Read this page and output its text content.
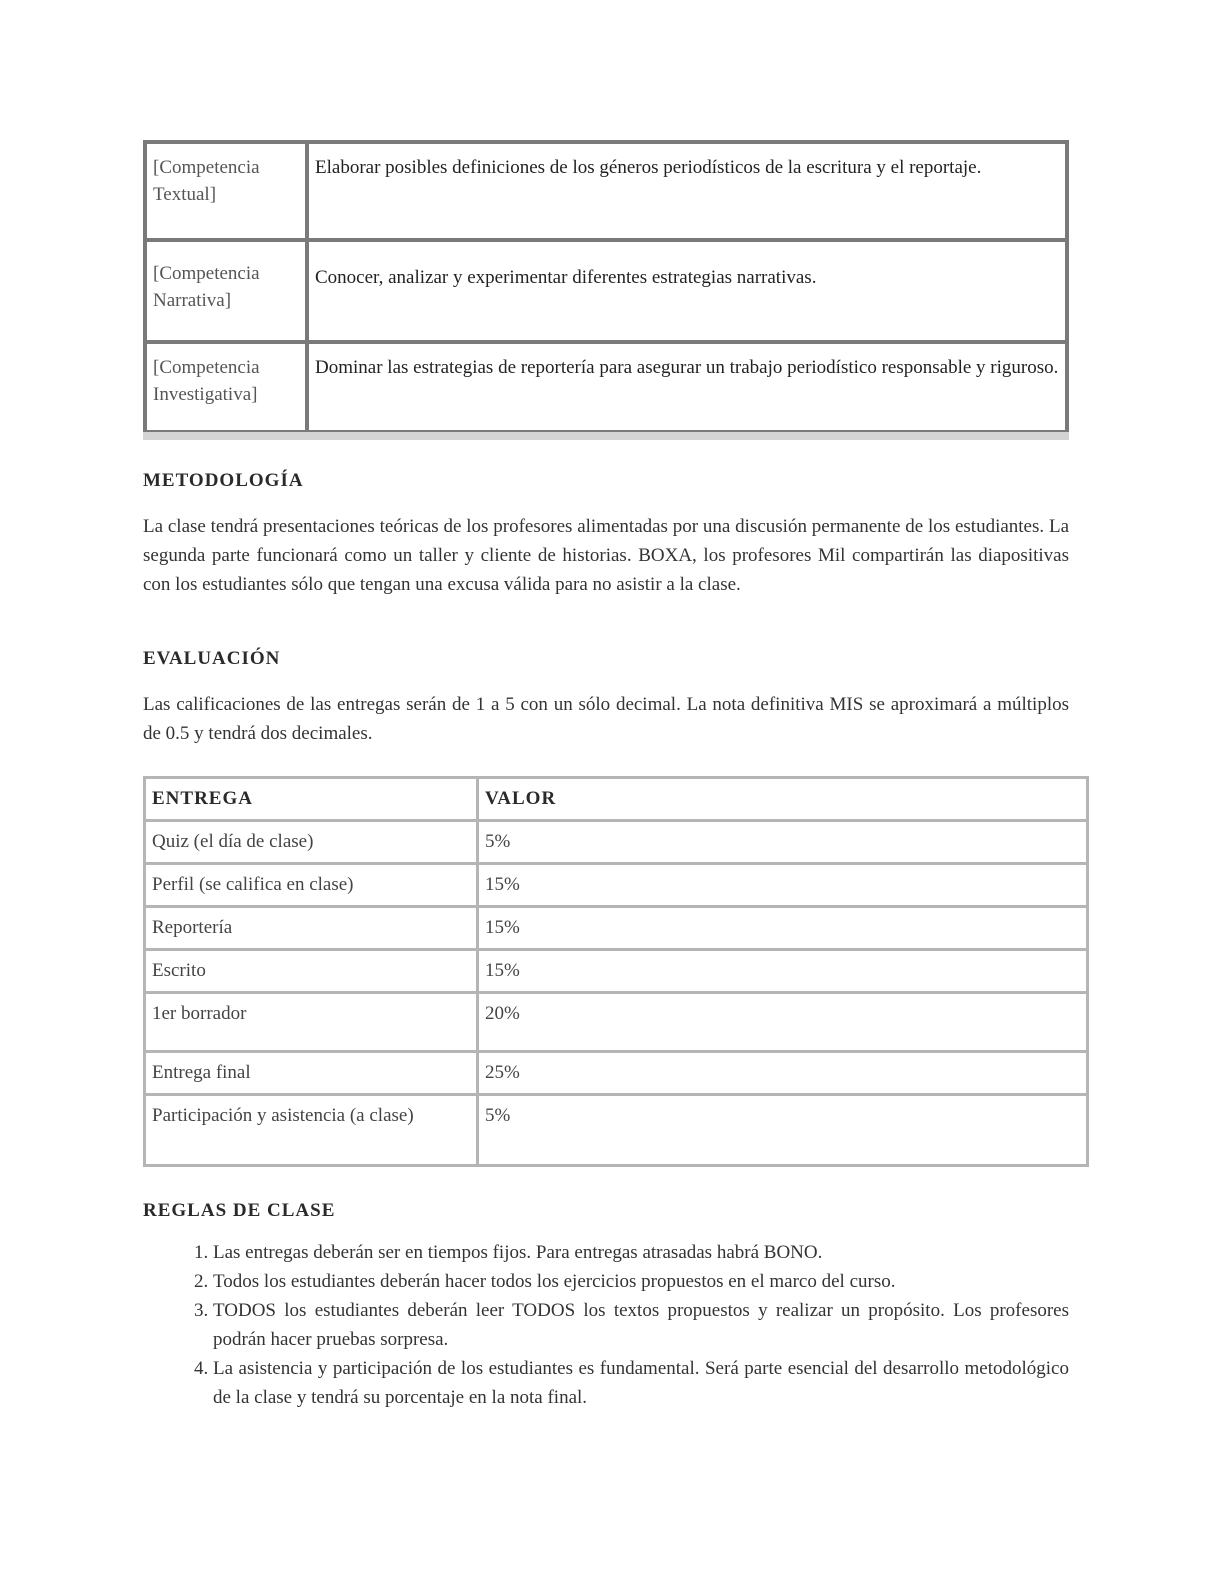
[Competencia Textual]	Elaborar posibles definiciones de los géneros periodísticos de la escritura y el reportaje.
[Competencia Narrativa]	Conocer, analizar y experimentar diferentes estrategias narrativas.
[Competencia Investigativa]	Dominar las estrategias de reportería para asegurar un trabajo periodístico responsable y riguroso.
METODOLOGÍA

La clase tendrá presentaciones teóricas de los profesores alimentadas por una discusión permanente de los estudiantes. La segunda parte funcionará como un taller y cliente de historias. BOXA, los profesores Mil compartirán las diapositivas con los estudiantes sólo que tengan una excusa válida para no asistir a la clase.

EVALUACIÓN

Las calificaciones de las entregas serán de 1 a 5 con un sólo decimal. La nota definitiva MIS se aproximará a múltiplos de 0.5 y tendrá dos decimales.

ENTREGA	VALOR
Quiz (el día de clase)	5%
Perfil (se califica en clase)	15%
Reportería	15%
Escrito	15%
1er borrador	20%
Entrega final	25%
Participación y asistencia (a clase)	5%
REGLAS DE CLASE
1. Las entregas deberán ser en tiempos fijos. Para entregas atrasadas habrá BONO.
2. Todos los estudiantes deberán hacer todos los ejercicios propuestos en el marco del curso.
3. TODOS los estudiantes deberán leer TODOS los textos propuestos y realizar un propósito. Los profesores podrán hacer pruebas sorpresa.
4. La asistencia y participación de los estudiantes es fundamental. Será parte esencial del desarrollo metodológico de la clase y tendrá su porcentaje en la nota final.
